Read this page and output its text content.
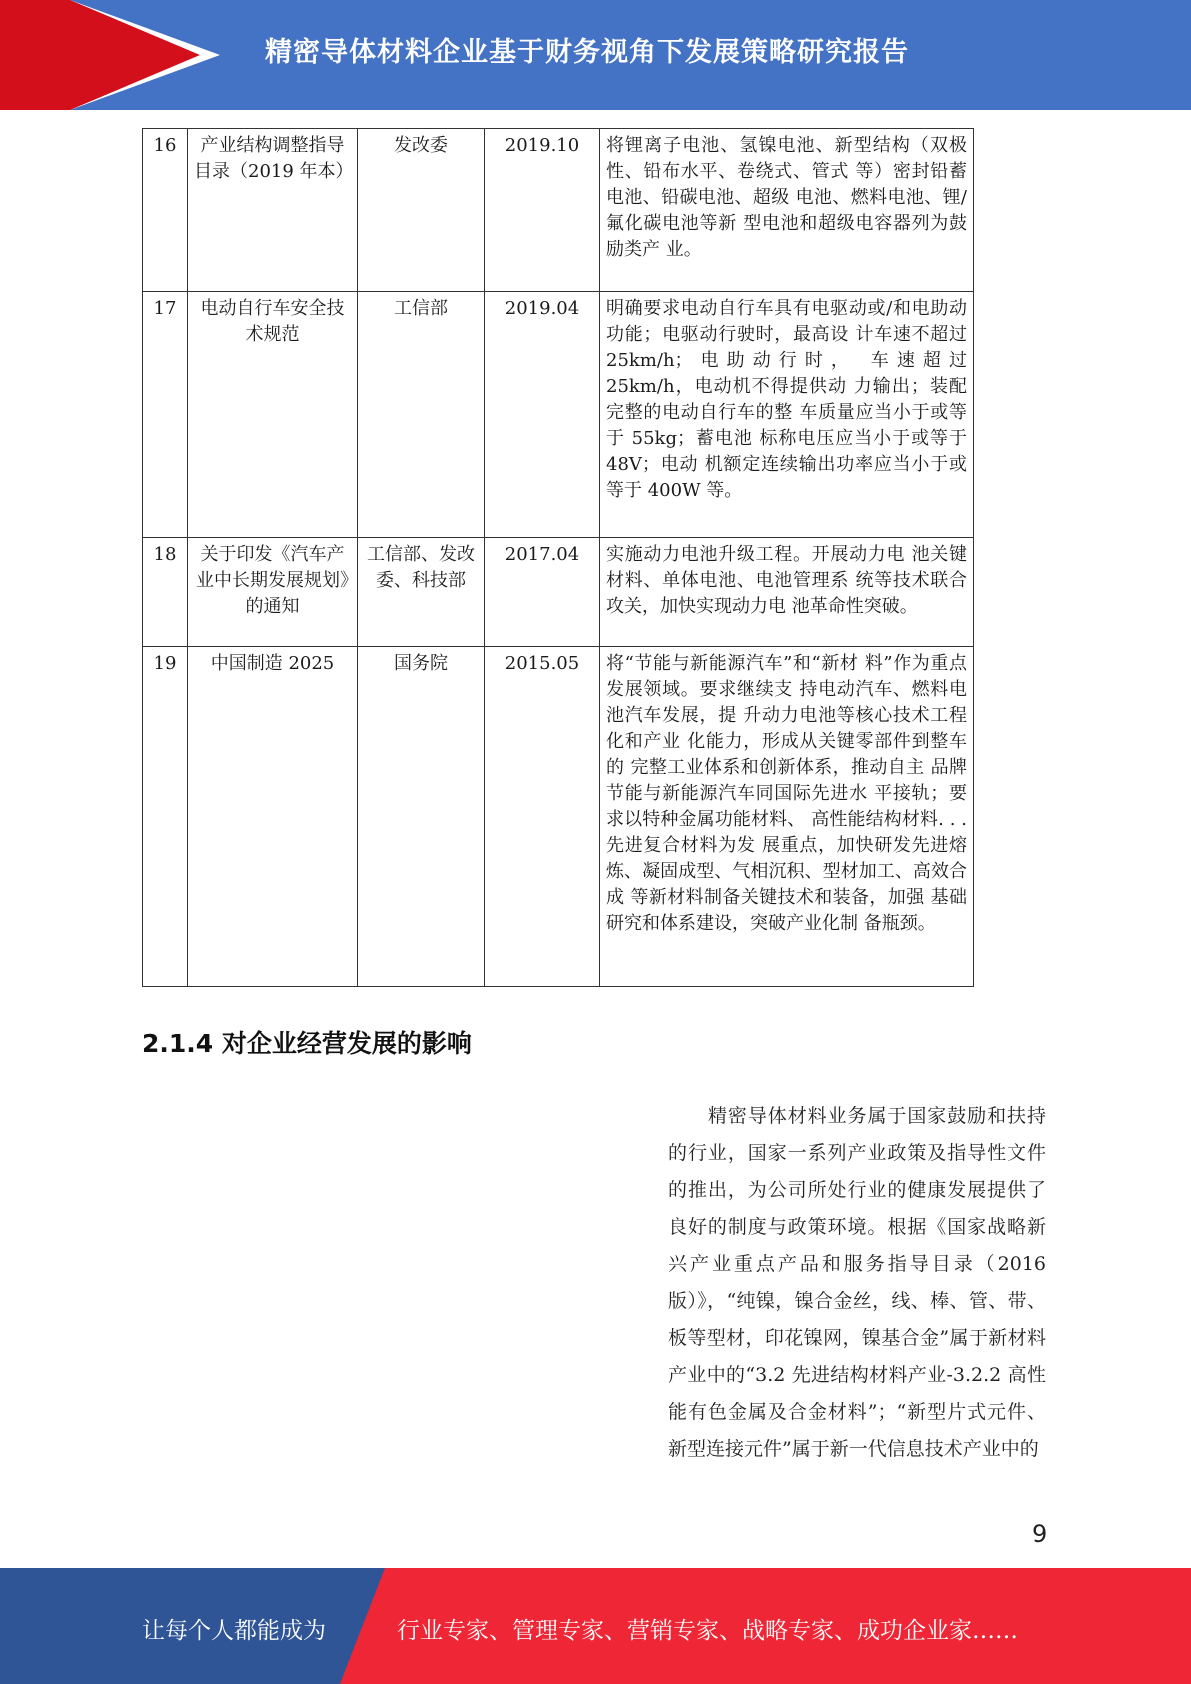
精密导体材料企业基于财务视角下发展策略研究报告
16	产业结构调整指导目录（2019 年本）	发改委	2019.10	将锂离子电池、氢镍电池、新型结构（双极性、铅布水平、卷绕式、管式 等）密封铅蓄电池、铅碳电池、超级 电池、燃料电池、锂/氟化碳电池等新 型电池和超级电容器列为鼓励类产 业。
17	电动自行车安全技术规范	工信部	2019.04	明确要求电动自行车具有电驱动或/和电助动功能；电驱动行驶时，最高设 计车速不超过 25km/h；电助动行时， 车速超过 25km/h，电动机不得提供动 力输出；装配完整的电动自行车的整 车质量应当小于或等于 55kg；蓄电池 标称电压应当小于或等于 48V；电动 机额定连续输出功率应当小于或等于 400W 等。
18	关于印发《汽车产业中长期发展规划》的通知	工信部、发改委、科技部	2017.04	实施动力电池升级工程。开展动力电 池关键材料、单体电池、电池管理系 统等技术联合攻关，加快实现动力电 池革命性突破。
19	中国制造 2025	国务院	2015.05	将“节能与新能源汽车”和“新材 料”作为重点发展领域。要求继续支 持电动汽车、燃料电池汽车发展，提 升动力电池等核心技术工程化和产业 化能力，形成从关键零部件到整车的 完整工业体系和创新体系，推动自主 品牌节能与新能源汽车同国际先进水 平接轨；要求以特种金属功能材料、 高性能结构材料. . .先进复合材料为发 展重点，加快研发先进熔炼、凝固成型、气相沉积、型材加工、高效合成 等新材料制备关键技术和装备，加强 基础研究和体系建设，突破产业化制 备瓶颈。
2.1.4 对企业经营发展的影响
精密导体材料业务属于国家鼓励和扶持的行业，国家一系列产业政策及指导性文件的推出，为公司所处行业的健康发展提供了良好的制度与政策环境。根据《国家战略新兴产业重点产品和服务指导目录（2016 版）》，“纯镍，镍合金丝，线、棒、管、带、板等型材，印花镍网，镍基合金”属于新材料产业中的“3.2 先进结构材料产业-3.2.2 高性能有色金属及合金材料”；“新型片式元件、新型连接元件”属于新一代信息技术产业中的
9
让每个人都能成为	行业专家、管理专家、营销专家、战略专家、成功企业家……
